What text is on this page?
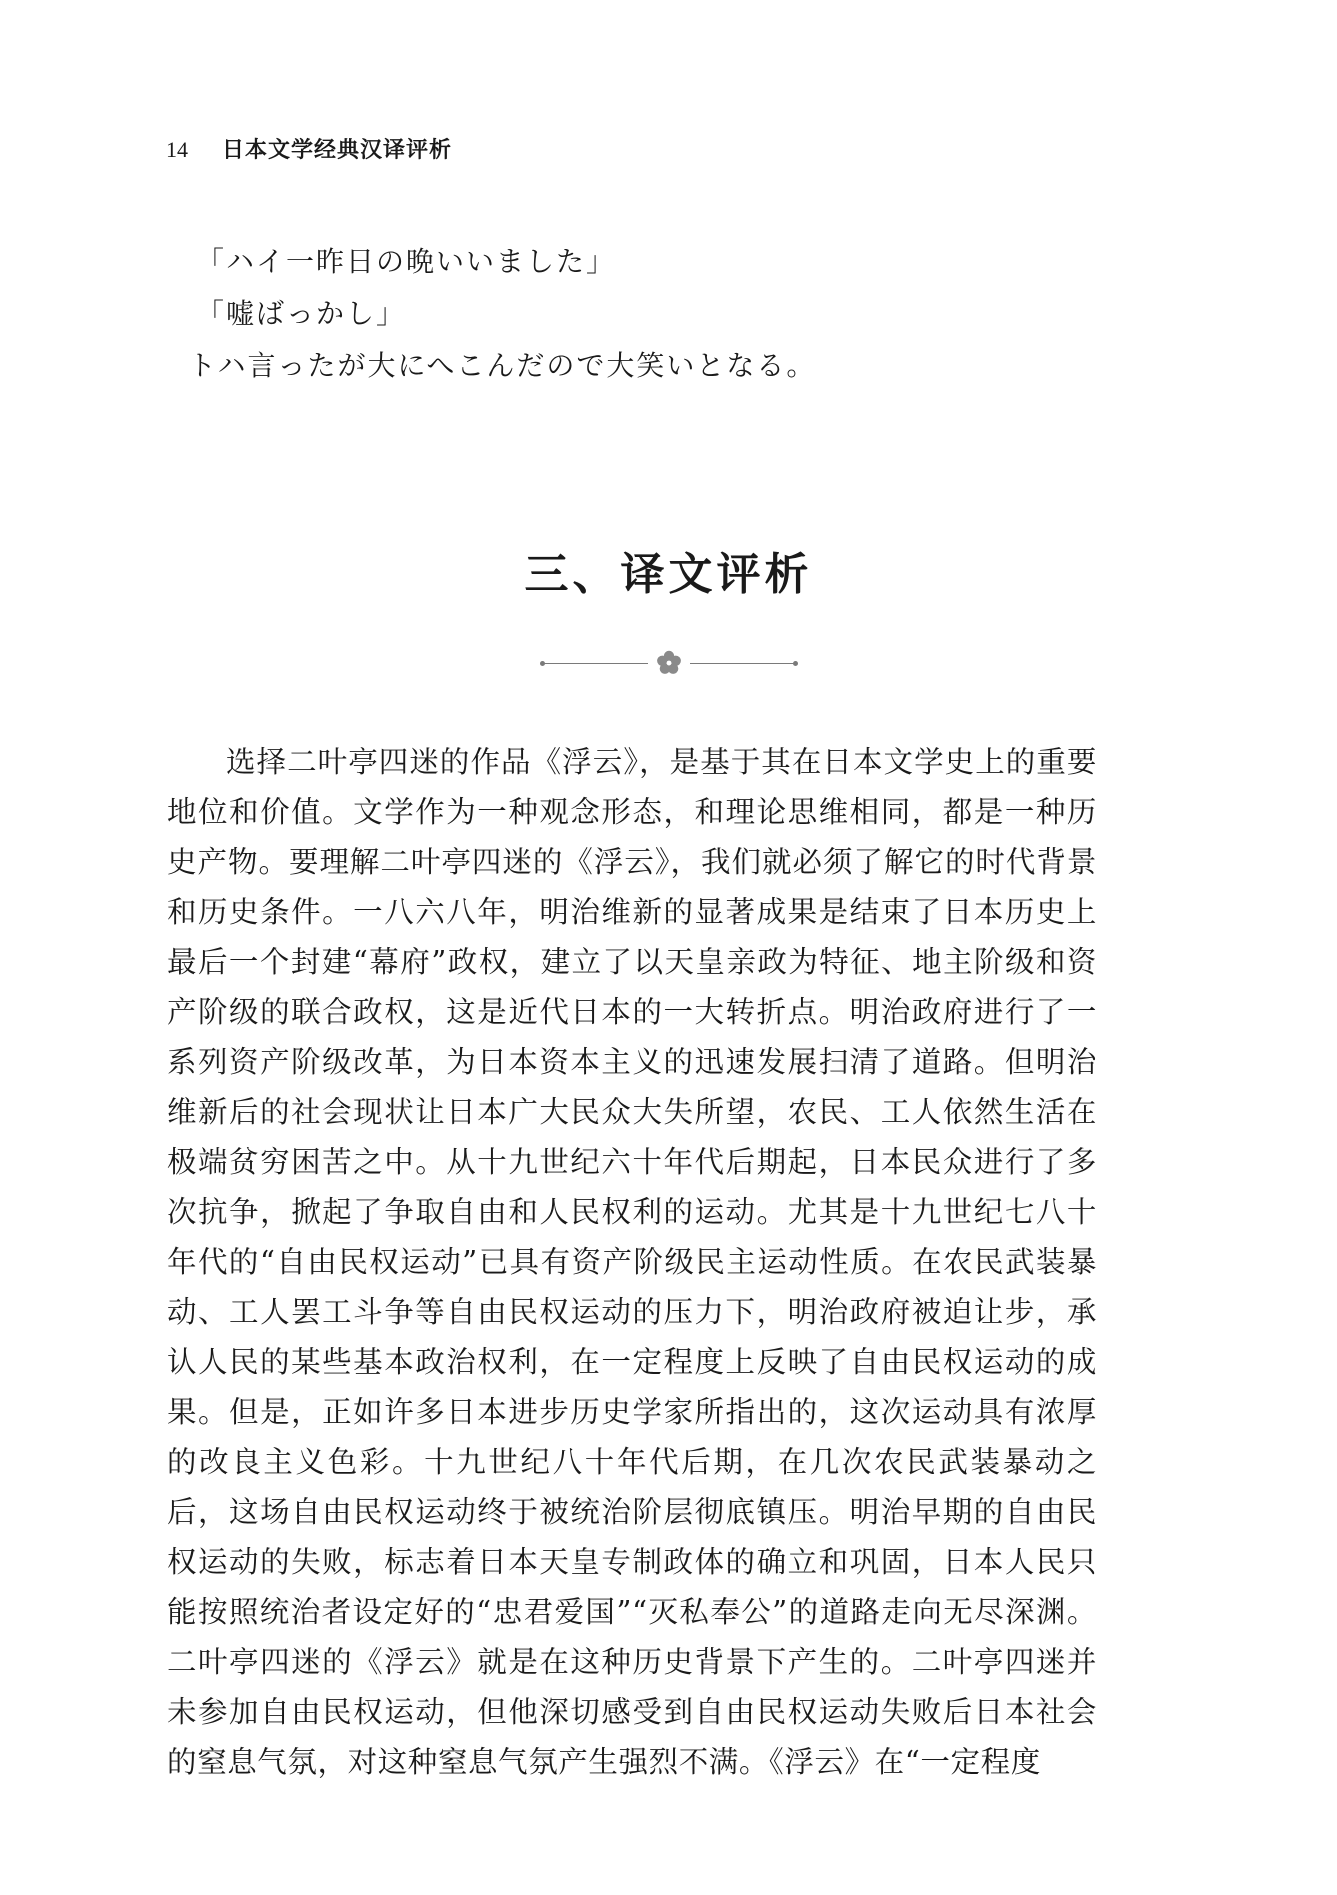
14 日本文学经典汉译评析
「ハイ一昨日の晩いいました」
「嘘ばっかし」
トハ言ったが大にへこんだので大笑いとなる。
三、译文评析

选择二叶亭四迷的作品《浮云》，是基于其在日本文学史上的重要地位和价值。文学作为一种观念形态，和理论思维相同，都是一种历史产物。要理解二叶亭四迷的《浮云》，我们就必须了解它的时代背景和历史条件。一八六八年，明治维新的显著成果是结束了日本历史上最后一个封建“幕府”政权，建立了以天皇亲政为特征、地主阶级和资产阶级的联合政权，这是近代日本的一大转折点。明治政府进行了一系列资产阶级改革，为日本资本主义的迅速发展扫清了道路。但明治维新后的社会现状让日本广大民众大失所望，农民、工人依然生活在极端贫穷困苦之中。从十九世纪六十年代后期起，日本民众进行了多次抗争，掀起了争取自由和人民权利的运动。尤其是十九世纪七八十年代的“自由民权运动”已具有资产阶级民主运动性质。在农民武装暴动、工人罢工斗争等自由民权运动的压力下，明治政府被迫让步，承认人民的某些基本政治权利，在一定程度上反映了自由民权运动的成果。但是，正如许多日本进步历史学家所指出的，这次运动具有浓厚的改良主义色彩。十九世纪八十年代后期，在几次农民武装暴动之后，这场自由民权运动终于被统治阶层彻底镇压。明治早期的自由民权运动的失败，标志着日本天皇专制政体的确立和巩固，日本人民只能按照统治者设定好的“忠君爱国”“灭私奉公”的道路走向无尽深渊。二叶亭四迷的《浮云》就是在这种历史背景下产生的。二叶亭四迷并未参加自由民权运动，但他深切感受到自由民权运动失败后日本社会的窒息气氛，对这种窒息气氛产生强烈不满。《浮云》在“一定程度
